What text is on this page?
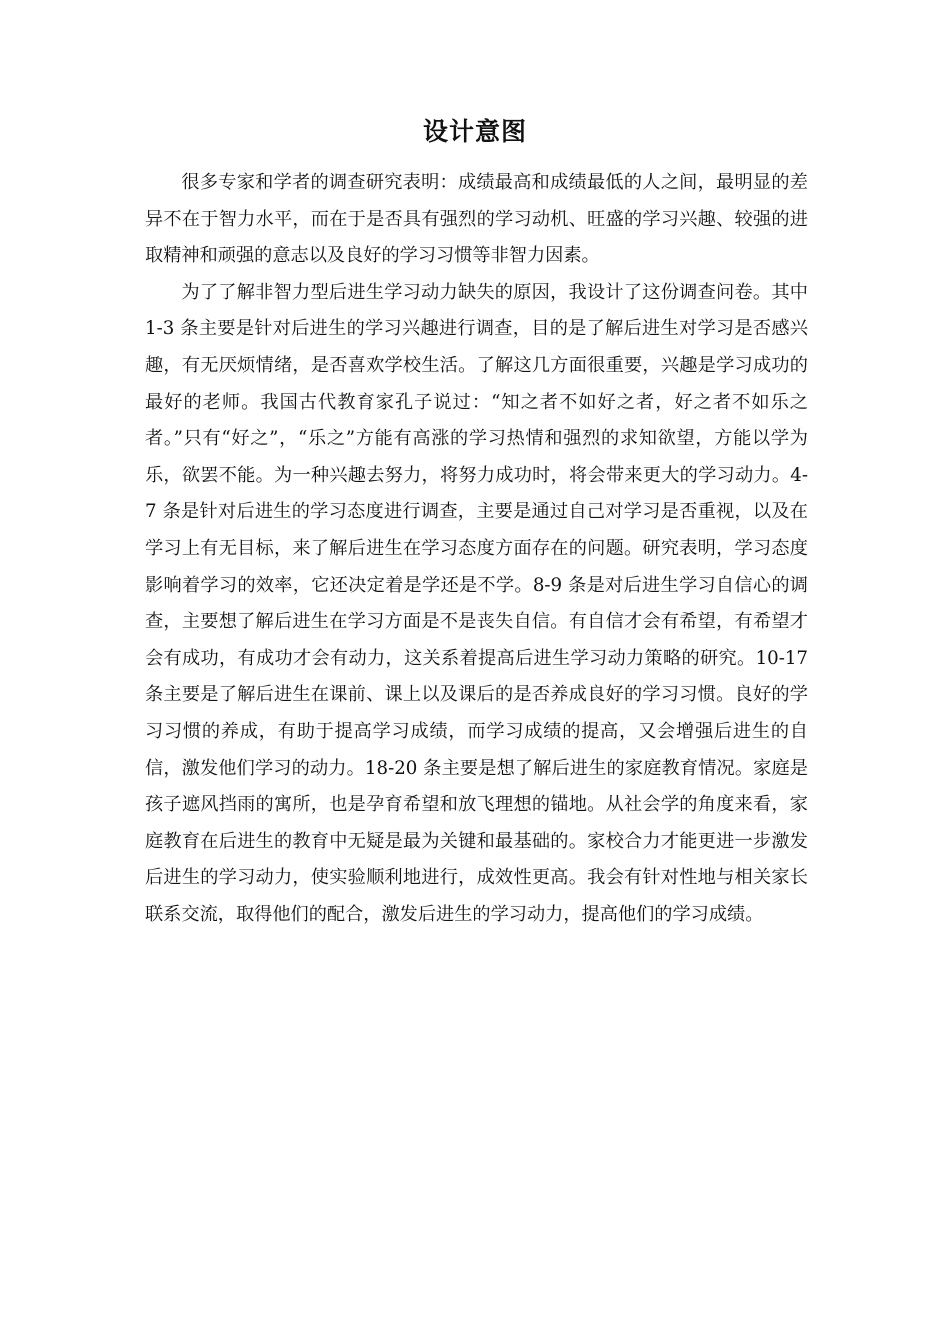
设计意图

很多专家和学者的调查研究表明：成绩最高和成绩最低的人之间，最明显的差异不在于智力水平，而在于是否具有强烈的学习动机、旺盛的学习兴趣、较强的进取精神和顽强的意志以及良好的学习习惯等非智力因素。

为了了解非智力型后进生学习动力缺失的原因，我设计了这份调查问卷。其中 1-3 条主要是针对后进生的学习兴趣进行调查，目的是了解后进生对学习是否感兴趣，有无厌烦情绪，是否喜欢学校生活。了解这几方面很重要，兴趣是学习成功的最好的老师。我国古代教育家孔子说过：“知之者不如好之者，好之者不如乐之者。”只有“好之”，“乐之”方能有高涨的学习热情和强烈的求知欲望，方能以学为乐，欲罢不能。为一种兴趣去努力，将努力成功时，将会带来更大的学习动力。4-7 条是针对后进生的学习态度进行调查，主要是通过自己对学习是否重视，以及在学习上有无目标，来了解后进生在学习态度方面存在的问题。研究表明，学习态度影响着学习的效率，它还决定着是学还是不学。8-9 条是对后进生学习自信心的调查，主要想了解后进生在学习方面是不是丧失自信。有自信才会有希望，有希望才会有成功，有成功才会有动力，这关系着提高后进生学习动力策略的研究。10-17 条主要是了解后进生在课前、课上以及课后的是否养成良好的学习习惯。良好的学习习惯的养成，有助于提高学习成绩，而学习成绩的提高，又会增强后进生的自信，激发他们学习的动力。18-20 条主要是想了解后进生的家庭教育情况。家庭是孩子遮风挡雨的寓所，也是孕育希望和放飞理想的锚地。从社会学的角度来看，家庭教育在后进生的教育中无疑是最为关键和最基础的。家校合力才能更进一步激发后进生的学习动力，使实验顺利地进行，成效性更高。我会有针对性地与相关家长联系交流，取得他们的配合，激发后进生的学习动力，提高他们的学习成绩。
